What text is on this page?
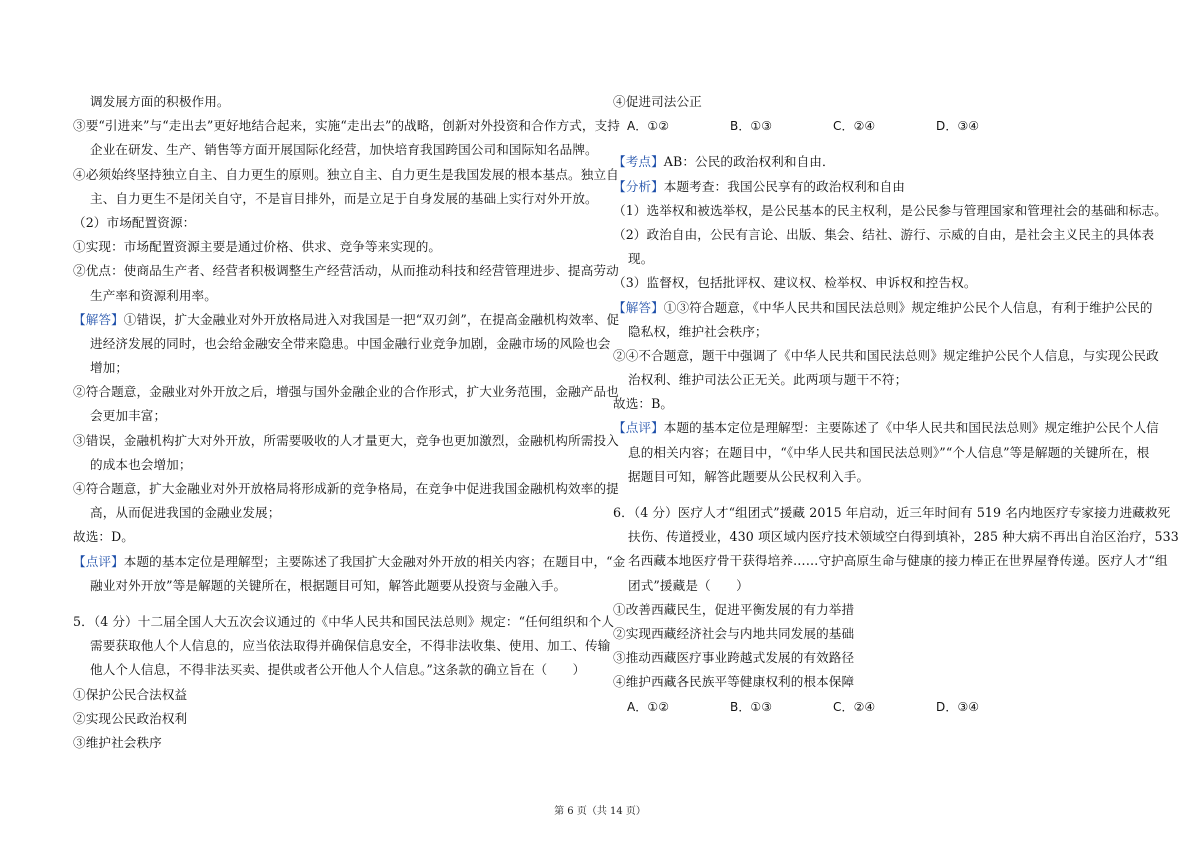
调发展方面的积极作用。
③要“引进来”与“走出去”更好地结合起来，实施“走出去”的战略，创新对外投资和合作方式，支持
企业在研发、生产、销售等方面开展国际化经营，加快培育我国跨国公司和国际知名品牌。
④必须始终坚持独立自主、自力更生的原则。独立自主、自力更生是我国发展的根本基点。独立自
主、自力更生不是闭关自守，不是盲目排外，而是立足于自身发展的基础上实行对外开放。
（2）市场配置资源：
①实现：市场配置资源主要是通过价格、供求、竞争等来实现的。
②优点：使商品生产者、经营者积极调整生产经营活动，从而推动科技和经营管理进步、提高劳动
生产率和资源利用率。
【解答】①错误，扩大金融业对外开放格局进入对我国是一把“双刃剑”，在提高金融机构效率、促
进经济发展的同时，也会给金融安全带来隐患。中国金融行业竞争加剧，金融市场的风险也会
增加；
②符合题意，金融业对外开放之后，增强与国外金融企业的合作形式，扩大业务范围，金融产品也
会更加丰富；
③错误，金融机构扩大对外开放，所需要吸收的人才量更大，竞争也更加激烈，金融机构所需投入
的成本也会增加；
④符合题意，扩大金融业对外开放格局将形成新的竞争格局，在竞争中促进我国金融机构效率的提
高，从而促进我国的金融业发展；
故选：D。
【点评】本题的基本定位是理解型；主要陈述了我国扩大金融对外开放的相关内容；在题目中，“金
融业对外开放”等是解题的关键所在，根据题目可知，解答此题要从投资与金融入手。
5．（4 分）十二届全国人大五次会议通过的《中华人民共和国民法总则》规定：“任何组织和个人
需要获取他人个人信息的，应当依法取得并确保信息安全，不得非法收集、使用、加工、传输
他人个人信息，不得非法买卖、提供或者公开他人个人信息。”这条款的确立旨在（　　）
①保护公民合法权益
②实现公民政治权利
③维护社会秩序
④促进司法公正
A．①②	B．①③	C．②④	D．③④
【考点】AB：公民的政治权利和自由．
【分析】本题考查：我国公民享有的政治权利和自由
（1）选举权和被选举权，是公民基本的民主权利，是公民参与管理国家和管理社会的基础和标志。
（2）政治自由，公民有言论、出版、集会、结社、游行、示威的自由，是社会主义民主的具体表
现。
（3）监督权，包括批评权、建议权、检举权、申诉权和控告权。
【解答】①③符合题意，《中华人民共和国民法总则》规定维护公民个人信息，有利于维护公民的
隐私权，维护社会秩序；
②④不合题意，题干中强调了《中华人民共和国民法总则》规定维护公民个人信息，与实现公民政
治权利、维护司法公正无关。此两项与题干不符；
故选：B。
【点评】本题的基本定位是理解型：主要陈述了《中华人民共和国民法总则》规定维护公民个人信
息的相关内容；在题目中，“《中华人民共和国民法总则》”“个人信息”等是解题的关键所在，根
据题目可知，解答此题要从公民权利入手。
6．（4 分）医疗人才“组团式”援藏 2015 年启动，近三年时间有 519 名内地医疗专家接力进藏救死
扶伤、传道授业，430 项区域内医疗技术领域空白得到填补，285 种大病不再出自治区治疗，533
名西藏本地医疗骨干获得培养……守护高原生命与健康的接力棒正在世界屋脊传递。医疗人才“组
团式”援藏是（　　）
①改善西藏民生，促进平衡发展的有力举措
②实现西藏经济社会与内地共同发展的基础
③推动西藏医疗事业跨越式发展的有效路径
④维护西藏各民族平等健康权利的根本保障
A．①②	B．①③	C．②④	D．③④
第 6 页（共 14 页）
